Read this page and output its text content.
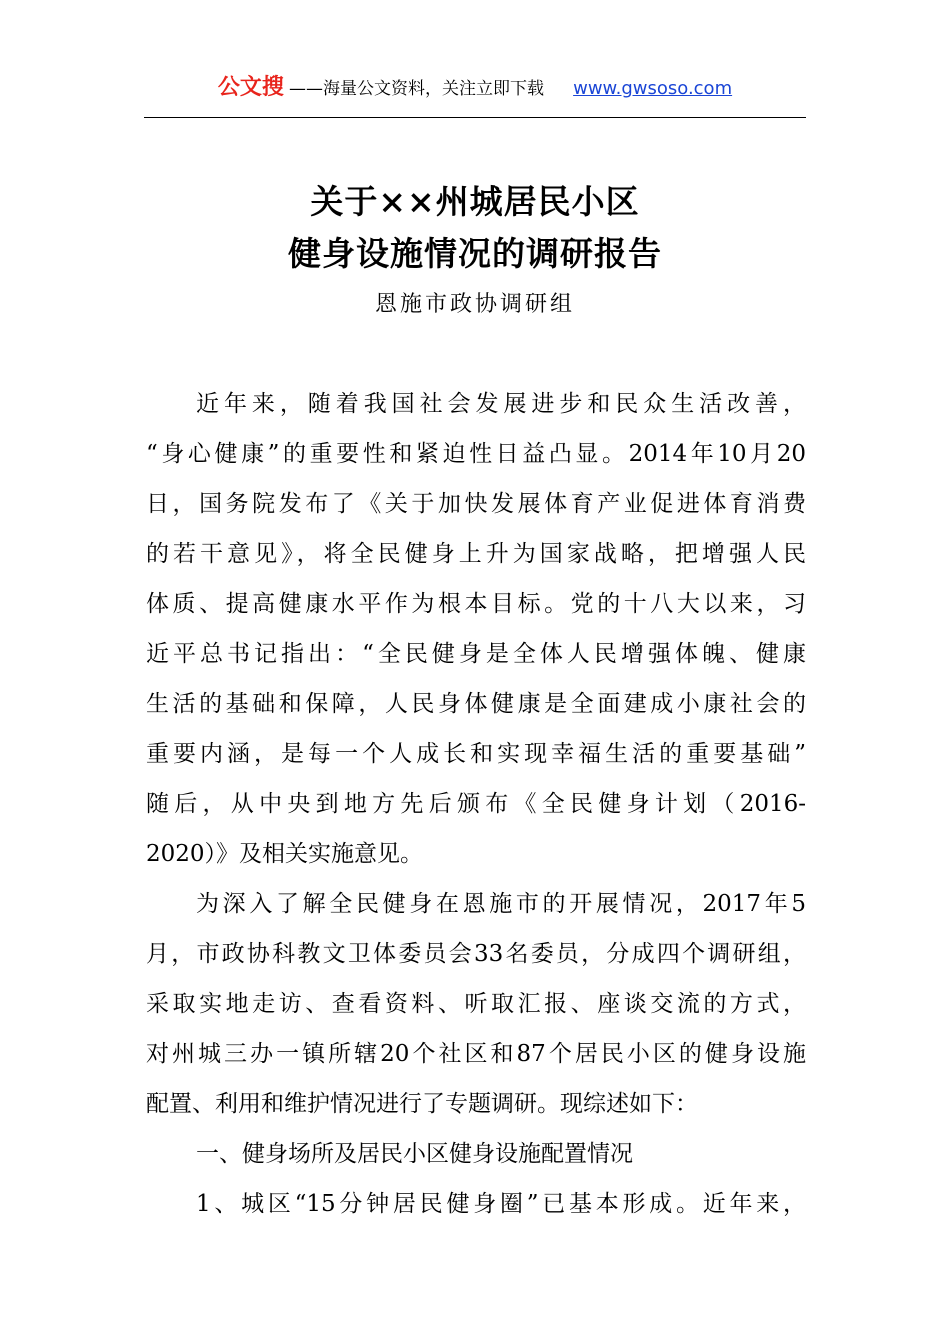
公文搜 ——海量公文资料，关注立即下载 www.gwsoso.com
关于××州城居民小区
健身设施情况的调研报告
恩施市政协调研组
近年来，随着我国社会发展进步和民众生活改善，
“身心健康”的重要性和紧迫性日益凸显。2014年10月20
日，国务院发布了《关于加快发展体育产业促进体育消费
的若干意见》，将全民健身上升为国家战略，把增强人民
体质、提高健康水平作为根本目标。党的十八大以来，习
近平总书记指出：“全民健身是全体人民增强体魄、健康
生活的基础和保障，人民身体健康是全面建成小康社会的
重要内涵，是每一个人成长和实现幸福生活的重要基础”
随后，从中央到地方先后颁布《全民健身计划（2016-
2020）》及相关实施意见。
为深入了解全民健身在恩施市的开展情况，2017年5
月，市政协科教文卫体委员会33名委员，分成四个调研组，
采取实地走访、查看资料、听取汇报、座谈交流的方式，
对州城三办一镇所辖20个社区和87个居民小区的健身设施
配置、利用和维护情况进行了专题调研。现综述如下：
一、健身场所及居民小区健身设施配置情况
1、城区“15分钟居民健身圈”已基本形成。近年来，
